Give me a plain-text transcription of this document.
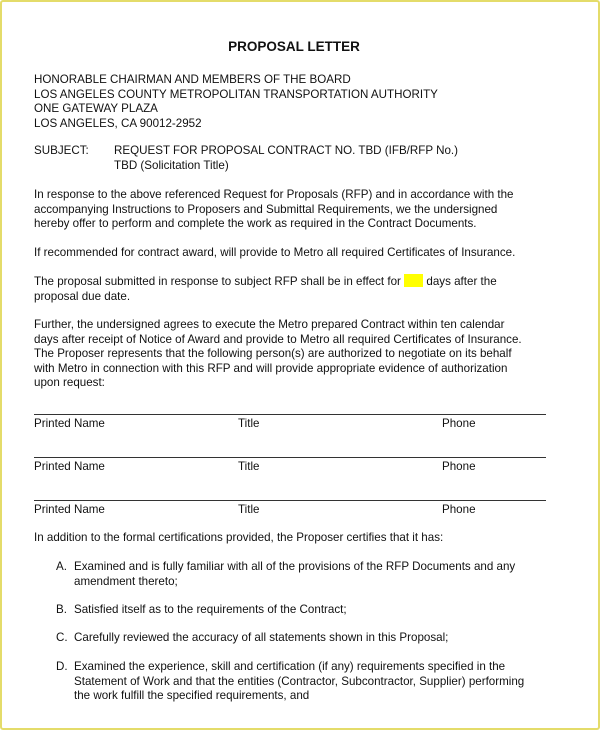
PROPOSAL LETTER
HONORABLE CHAIRMAN AND MEMBERS OF THE BOARD
LOS ANGELES COUNTY METROPOLITAN TRANSPORTATION AUTHORITY
ONE GATEWAY PLAZA
LOS ANGELES, CA 90012-2952
SUBJECT: REQUEST FOR PROPOSAL CONTRACT NO. TBD (IFB/RFP No.)
TBD (Solicitation Title)
In response to the above referenced Request for Proposals (RFP) and in accordance with the
accompanying Instructions to Proposers and Submittal Requirements, we the undersigned
hereby offer to perform and complete the work as required in the Contract Documents.
If recommended for contract award, will provide to Metro all required Certificates of Insurance.
The proposal submitted in response to subject RFP shall be in effect for days after the
proposal due date.
Further, the undersigned agrees to execute the Metro prepared Contract within ten calendar
days after receipt of Notice of Award and provide to Metro all required Certificates of Insurance.
The Proposer represents that the following person(s) are authorized to negotiate on its behalf
with Metro in connection with this RFP and will provide appropriate evidence of authorization
upon request:
Printed Name	Title	Phone
Printed Name	Title	Phone
Printed Name	Title	Phone
In addition to the formal certifications provided, the Proposer certifies that it has:
A. Examined and is fully familiar with all of the provisions of the RFP Documents and any
amendment thereto;
B. Satisfied itself as to the requirements of the Contract;
C. Carefully reviewed the accuracy of all statements shown in this Proposal;
D. Examined the experience, skill and certification (if any) requirements specified in the
Statement of Work and that the entities (Contractor, Subcontractor, Supplier) performing
the work fulfill the specified requirements, and
